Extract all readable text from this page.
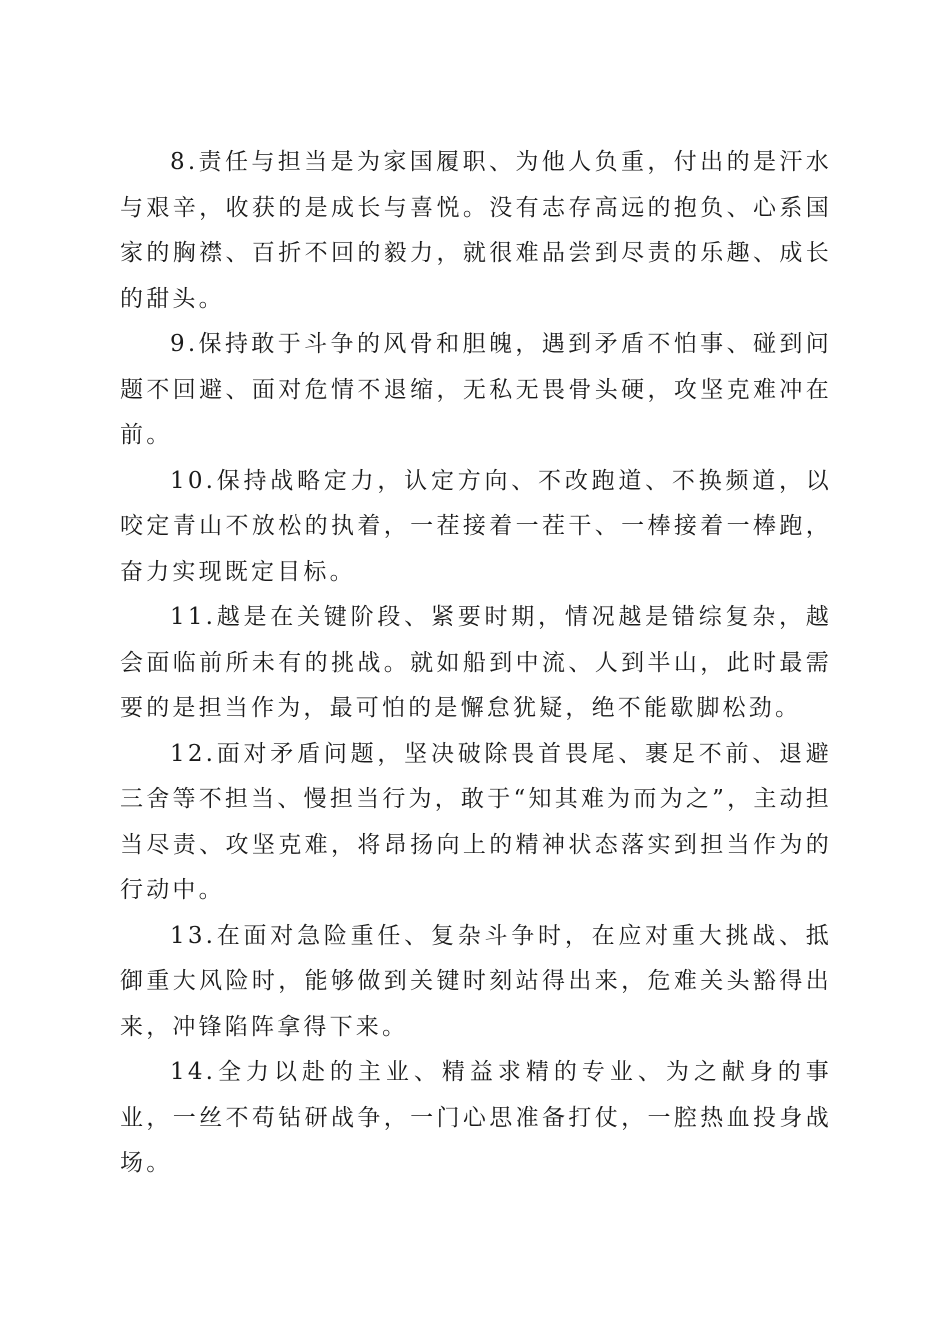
8.责任与担当是为家国履职、为他人负重，付出的是汗水与艰辛，收获的是成长与喜悦。没有志存高远的抱负、心系国家的胸襟、百折不回的毅力，就很难品尝到尽责的乐趣、成长的甜头。

9.保持敢于斗争的风骨和胆魄，遇到矛盾不怕事、碰到问题不回避、面对危情不退缩，无私无畏骨头硬，攻坚克难冲在前。

10.保持战略定力，认定方向、不改跑道、不换频道，以咬定青山不放松的执着，一茬接着一茬干、一棒接着一棒跑，奋力实现既定目标。

11.越是在关键阶段、紧要时期，情况越是错综复杂，越会面临前所未有的挑战。就如船到中流、人到半山，此时最需要的是担当作为，最可怕的是懈怠犹疑，绝不能歇脚松劲。

12.面对矛盾问题，坚决破除畏首畏尾、裹足不前、退避三舍等不担当、慢担当行为，敢于“知其难为而为之”，主动担当尽责、攻坚克难，将昂扬向上的精神状态落实到担当作为的行动中。

13.在面对急险重任、复杂斗争时，在应对重大挑战、抵御重大风险时，能够做到关键时刻站得出来，危难关头豁得出来，冲锋陷阵拿得下来。

14.全力以赴的主业、精益求精的专业、为之献身的事业，一丝不苟钻研战争，一门心思准备打仗，一腔热血投身战场。
